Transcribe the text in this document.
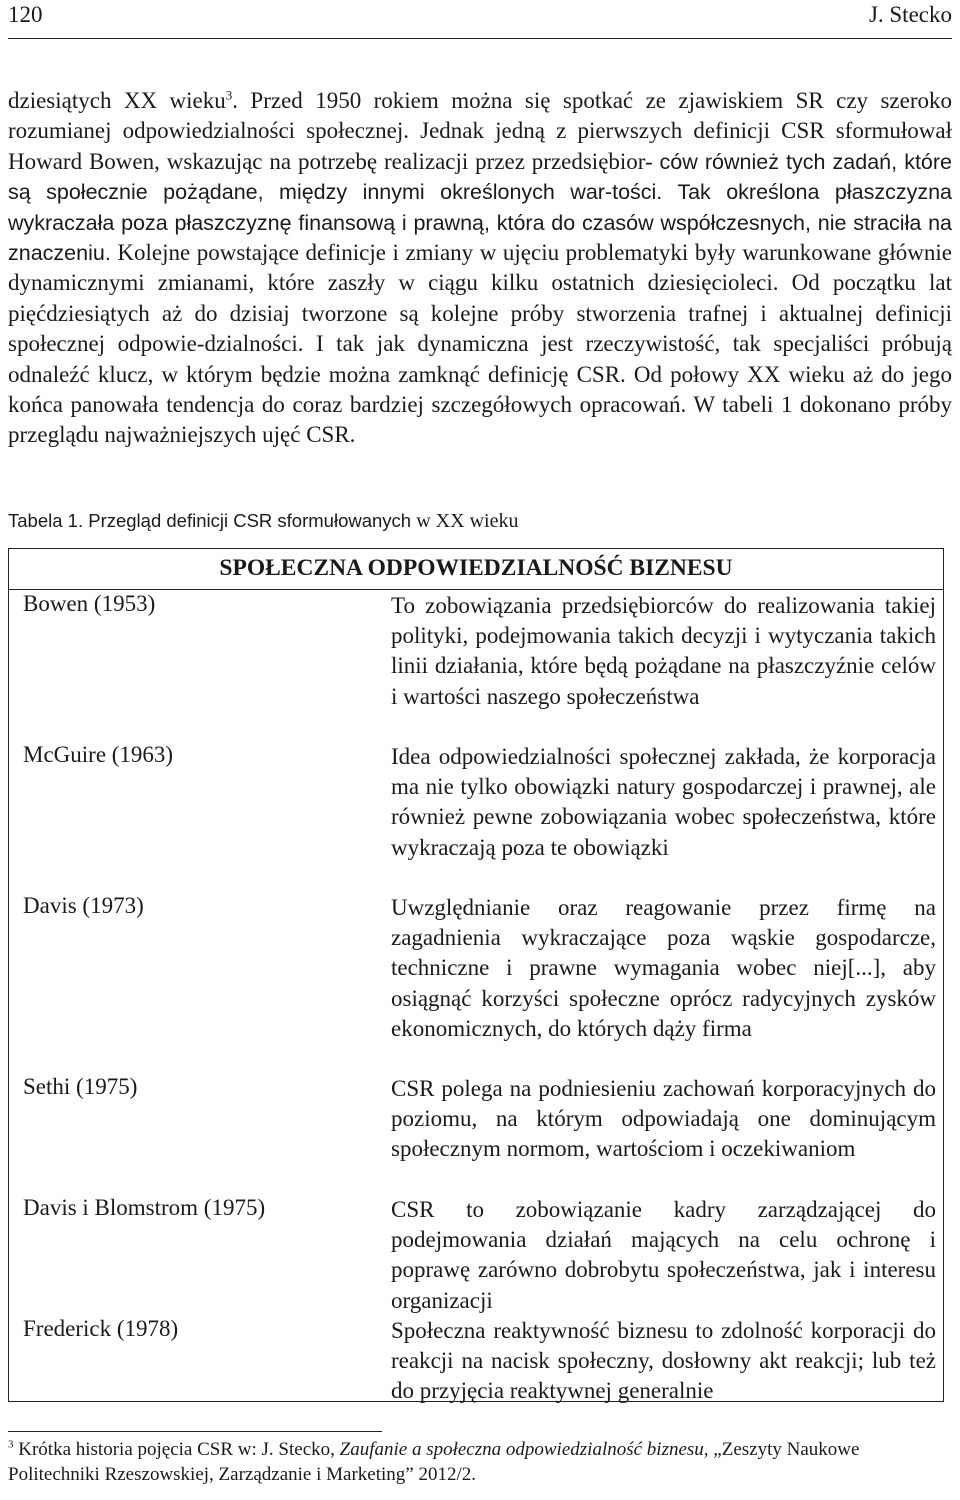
120	J. Stecko
dziesiątych XX wieku$^3$. Przed 1950 rokiem można się spotkać ze zjawiskiem SR czy szeroko rozumianej odpowiedzialności społecznej. Jednak jedną z pierwszych definicji CSR sformułował Howard Bowen, wskazując na potrzebę realizacji przez przedsiębior- ców również tych zadań, które są społecznie pożądane, między innymi określonych war-tości. Tak określona płaszczyzna wykraczała poza płaszczyznę finansową i prawną, która do czasów współczesnych, nie straciła na znaczeniu. Kolejne powstające definicje i zmiany w ujęciu problematyki były warunkowane głównie dynamicznymi zmianami, które zaszły w ciągu kilku ostatnich dziesięcioleci. Od początku lat pięćdziesiątych aż do dzisiaj tworzone są kolejne próby stworzenia trafnej i aktualnej definicji społecznej odpowie-dzialności. I tak jak dynamiczna jest rzeczywistość, tak specjaliści próbują odnaleźć klucz, w którym będzie można zamknąć definicję CSR. Od połowy XX wieku aż do jego końca panowała tendencja do coraz bardziej szczegółowych opracowań. W tabeli 1 dokonano próby przeglądu najważniejszych ujęć CSR.
Tabela 1. Przegląd definicji CSR sformułowanych w XX wieku
SPOŁECZNA ODPOWIEDZIALNOŚĆ BIZNESU
Bowen (1953)	To zobowiązania przedsiębiorców do realizowania takiej polityki, podejmowania takich decyzji i wytyczania takich linii działania, które będą pożądane na płaszczyźnie celów i wartości naszego społeczeństwa
McGuire (1963)	Idea odpowiedzialności społecznej zakłada, że korporacja ma nie tylko obowiązki natury gospodarczej i prawnej, ale również pewne zobowiązania wobec społeczeństwa, które wykraczają poza te obowiązki
Davis (1973)	Uwzględnianie oraz reagowanie przez firmę na zagadnienia wykraczające poza wąskie gospodarcze, techniczne i prawne wymagania wobec niej[...], aby osiągnąć korzyści społeczne oprócz radycyjnych zysków ekonomicznych, do których dąży firma
Sethi (1975)	CSR polega na podniesieniu zachowań korporacyjnych do poziomu, na którym odpowiadają one dominującym społecznym normom, wartościom i oczekiwaniom
Davis i Blomstrom (1975)	CSR to zobowiązanie kadry zarządzającej do podejmowania działań mających na celu ochronę i poprawę zarówno dobrobytu społeczeństwa, jak i interesu organizacji
Frederick (1978)	Społeczna reaktywność biznesu to zdolność korporacji do reakcji na nacisk społeczny, dosłowny akt reakcji; lub też do przyjęcia reaktywnej generalnie
$^3$ Krótka historia pojęcia CSR w: J. Stecko, Zaufanie a społeczna odpowiedzialność biznesu, „Zeszyty Naukowe Politechniki Rzeszowskiej, Zarządzanie i Marketing” 2012/2.
